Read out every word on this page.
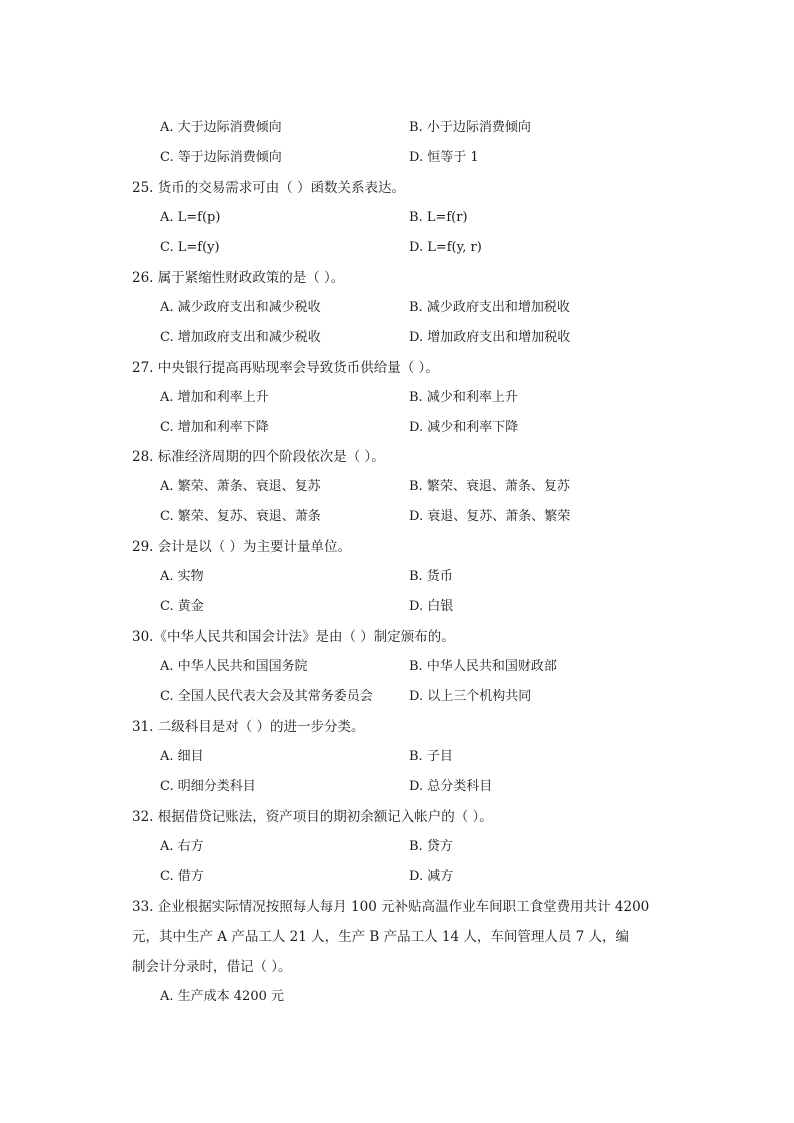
A. 大于边际消费倾向	B. 小于边际消费倾向
C. 等于边际消费倾向	D. 恒等于 1
25. 货币的交易需求可由（ ）函数关系表达。
A. L=f(p)	B. L=f(r)
C. L=f(y)	D. L=f(y, r)
26. 属于紧缩性财政政策的是（ ）。
A. 减少政府支出和减少税收	B. 减少政府支出和增加税收
C. 增加政府支出和减少税收	D. 增加政府支出和增加税收
27. 中央银行提高再贴现率会导致货币供给量（ ）。
A. 增加和利率上升	B. 减少和利率上升
C. 增加和利率下降	D. 减少和利率下降
28. 标准经济周期的四个阶段依次是（ ）。
A. 繁荣、萧条、衰退、复苏	B. 繁荣、衰退、萧条、复苏
C. 繁荣、复苏、衰退、萧条	D. 衰退、复苏、萧条、繁荣
29. 会计是以（ ）为主要计量单位。
A. 实物	B. 货币
C. 黄金	D. 白银
30.《中华人民共和国会计法》是由（ ）制定颁布的。
A. 中华人民共和国国务院	B. 中华人民共和国财政部
C. 全国人民代表大会及其常务委员会	D. 以上三个机构共同
31. 二级科目是对（ ）的进一步分类。
A. 细目	B. 子目
C. 明细分类科目	D. 总分类科目
32. 根据借贷记账法，资产项目的期初余额记入帐户的（ ）。
A. 右方	B. 贷方
C. 借方	D. 减方
33. 企业根据实际情况按照每人每月 100 元补贴高温作业车间职工食堂费用共计 4200
元，其中生产 A 产品工人 21 人，生产 B 产品工人 14 人，车间管理人员 7 人，编
制会计分录时，借记（ ）。
A. 生产成本 4200 元
